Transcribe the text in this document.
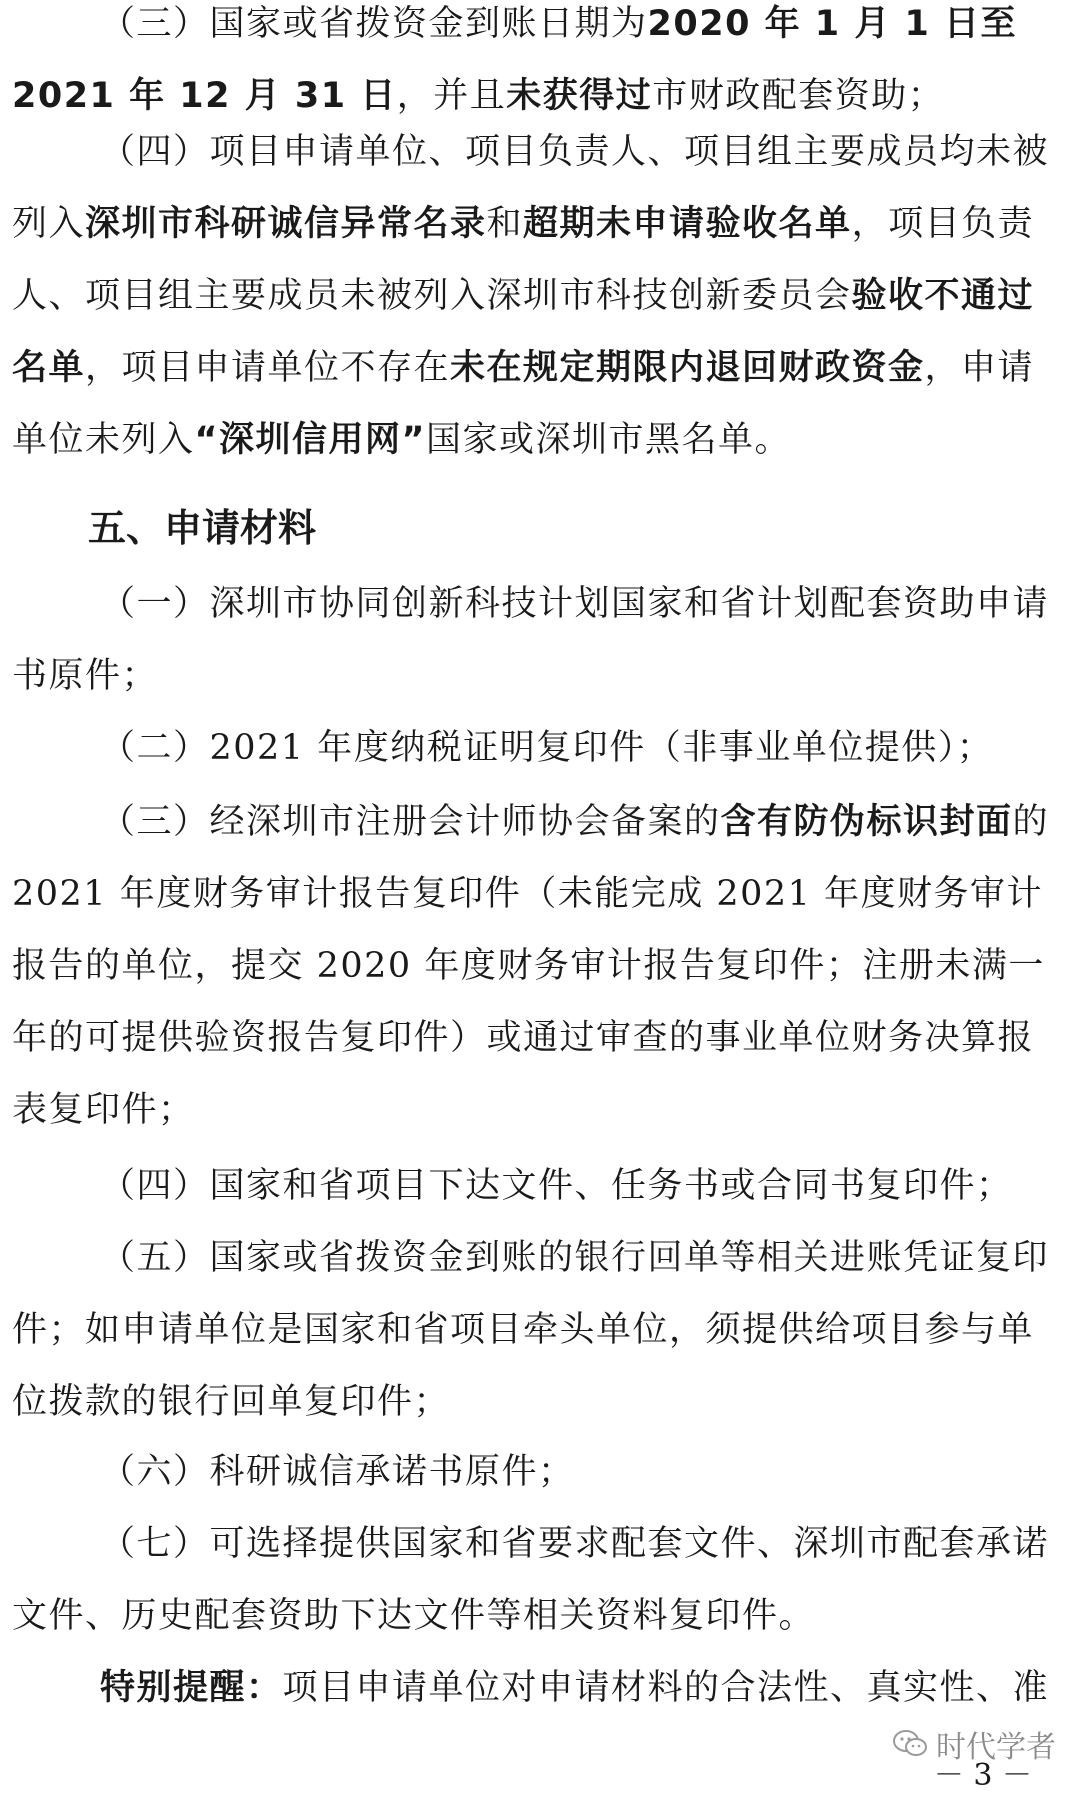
（三）国家或省拨资金到账日期为2020 年 1 月 1 日至 2021 年 12 月 31 日，并且未获得过市财政配套资助；

（四）项目申请单位、项目负责人、项目组主要成员均未被列入深圳市科研诚信异常名录和超期未申请验收名单，项目负责人、项目组主要成员未被列入深圳市科技创新委员会验收不通过名单，项目申请单位不存在未在规定期限内退回财政资金，申请单位未列入“深圳信用网”国家或深圳市黑名单。

五、申请材料

（一）深圳市协同创新科技计划国家和省计划配套资助申请书原件；

（二）2021 年度纳税证明复印件（非事业单位提供）；

（三）经深圳市注册会计师协会备案的含有防伪标识封面的 2021 年度财务审计报告复印件（未能完成 2021 年度财务审计报告的单位，提交 2020 年度财务审计报告复印件；注册未满一年的可提供验资报告复印件）或通过审查的事业单位财务决算报表复印件；

（四）国家和省项目下达文件、任务书或合同书复印件；

（五）国家或省拨资金到账的银行回单等相关进账凭证复印件；如申请单位是国家和省项目牵头单位，须提供给项目参与单位拨款的银行回单复印件；

（六）科研诚信承诺书原件；

（七）可选择提供国家和省要求配套文件、深圳市配套承诺文件、历史配套资助下达文件等相关资料复印件。

特别提醒：项目申请单位对申请材料的合法性、真实性、准

时代学者
－ 3 －
